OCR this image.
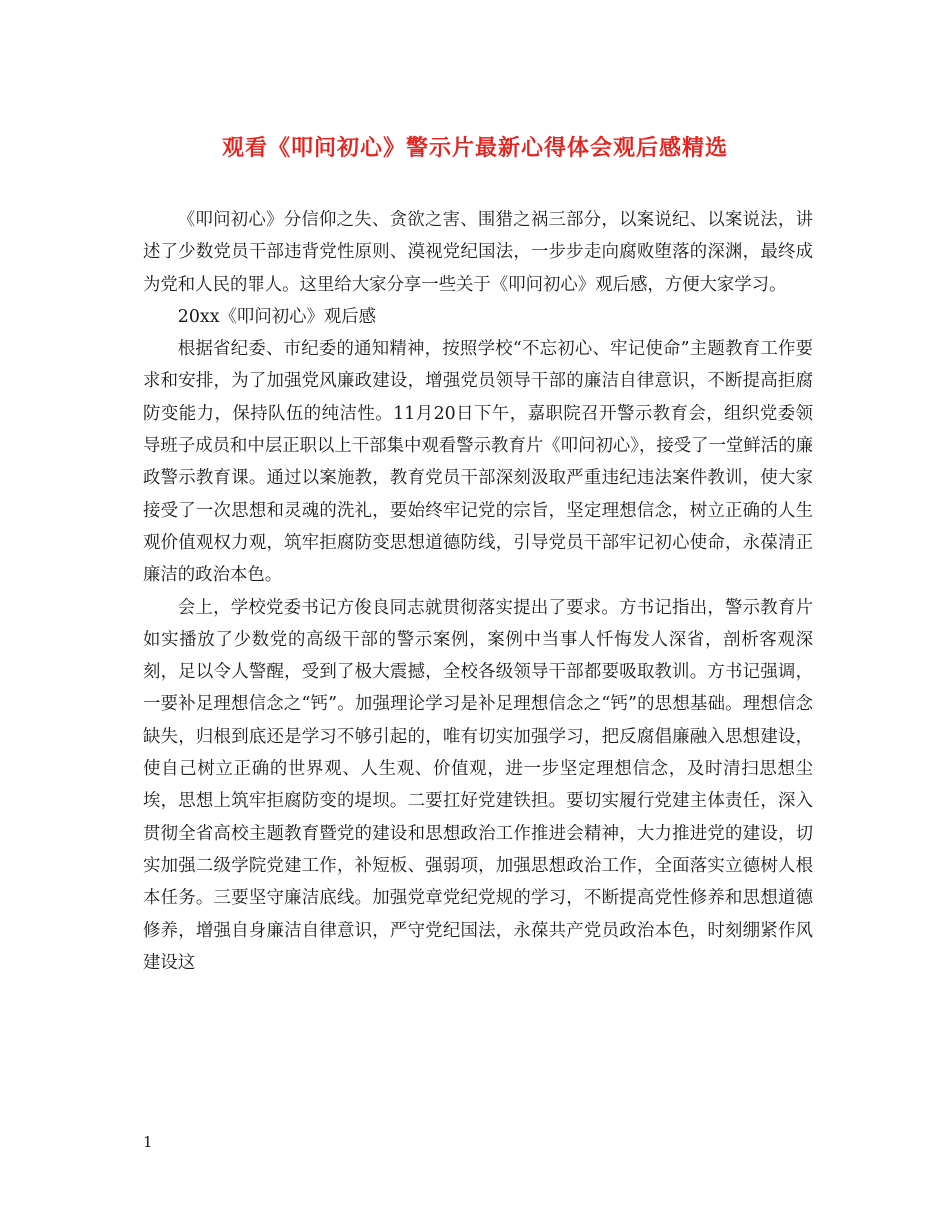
观看《叩问初心》警示片最新心得体会观后感精选

《叩问初心》分信仰之失、贪欲之害、围猎之祸三部分，以案说纪、以案说法，讲述了少数党员干部违背党性原则、漠视党纪国法，一步步走向腐败堕落的深渊，最终成为党和人民的罪人。这里给大家分享一些关于《叩问初心》观后感，方便大家学习。

20xx《叩问初心》观后感

根据省纪委、市纪委的通知精神，按照学校“不忘初心、牢记使命”主题教育工作要求和安排，为了加强党风廉政建设，增强党员领导干部的廉洁自律意识，不断提高拒腐防变能力，保持队伍的纯洁性。11月20日下午，嘉职院召开警示教育会，组织党委领导班子成员和中层正职以上干部集中观看警示教育片《叩问初心》，接受了一堂鲜活的廉政警示教育课。通过以案施教，教育党员干部深刻汲取严重违纪违法案件教训，使大家接受了一次思想和灵魂的洗礼，要始终牢记党的宗旨，坚定理想信念，树立正确的人生观价值观权力观，筑牢拒腐防变思想道德防线，引导党员干部牢记初心使命，永葆清正廉洁的政治本色。

会上，学校党委书记方俊良同志就贯彻落实提出了要求。方书记指出，警示教育片如实播放了少数党的高级干部的警示案例，案例中当事人忏悔发人深省，剖析客观深刻，足以令人警醒，受到了极大震撼，全校各级领导干部都要吸取教训。方书记强调，一要补足理想信念之“钙”。加强理论学习是补足理想信念之“钙”的思想基础。理想信念缺失，归根到底还是学习不够引起的，唯有切实加强学习，把反腐倡廉融入思想建设，使自己树立正确的世界观、人生观、价值观，进一步坚定理想信念，及时清扫思想尘埃，思想上筑牢拒腐防变的堤坝。二要扛好党建铁担。要切实履行党建主体责任，深入贯彻全省高校主题教育暨党的建设和思想政治工作推进会精神，大力推进党的建设，切实加强二级学院党建工作，补短板、强弱项，加强思想政治工作，全面落实立德树人根本任务。三要坚守廉洁底线。加强党章党纪党规的学习，不断提高党性修养和思想道德修养，增强自身廉洁自律意识，严守党纪国法，永葆共产党员政治本色，时刻绷紧作风建设这

1
